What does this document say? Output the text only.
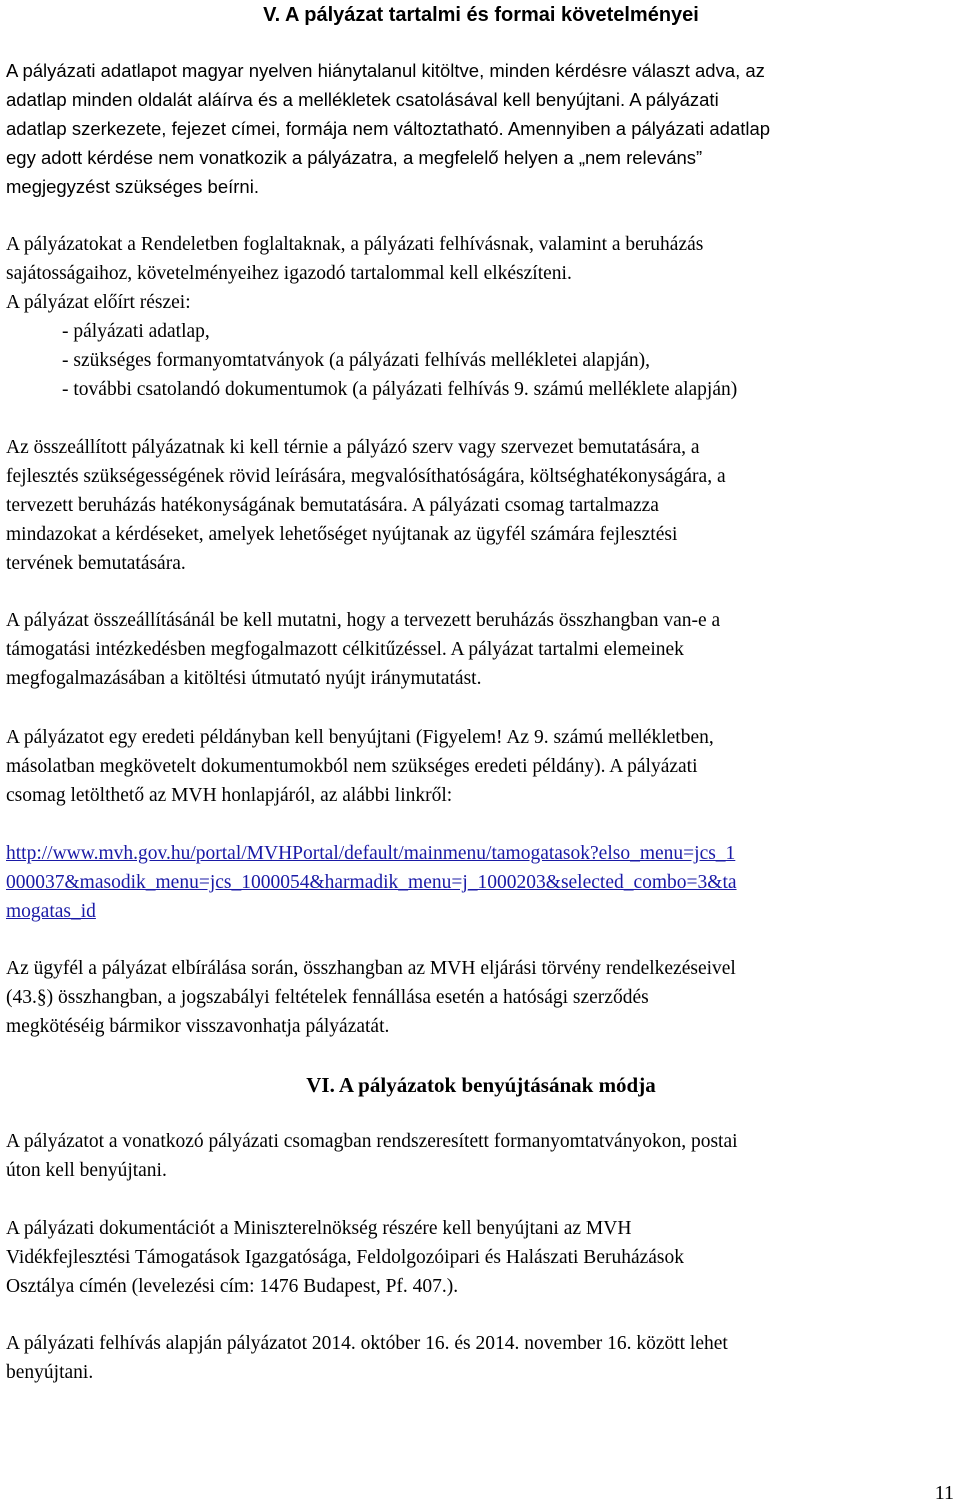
V. A pályázat tartalmi és formai követelményei
A pályázati adatlapot magyar nyelven hiánytalanul kitöltve, minden kérdésre választ adva, az
adatlap minden oldalát aláírva és a mellékletek csatolásával kell benyújtani. A pályázati
adatlap szerkezete, fejezet címei, formája nem változtatható. Amennyiben a pályázati adatlap
egy adott kérdése nem vonatkozik a pályázatra, a megfelelő helyen a „nem releváns”
megjegyzést szükséges beírni.
A pályázatokat a Rendeletben foglaltaknak, a pályázati felhívásnak, valamint a beruházás
sajátosságaihoz, követelményeihez igazodó tartalommal kell elkészíteni.
A pályázat előírt részei:
- pályázati adatlap,
- szükséges formanyomtatványok (a pályázati felhívás mellékletei alapján),
- további csatolandó dokumentumok (a pályázati felhívás 9. számú melléklete alapján)
Az összeállított pályázatnak ki kell térnie a pályázó szerv vagy szervezet bemutatására, a
fejlesztés szükségességének rövid leírására, megvalósíthatóságára, költséghatékonyságára, a
tervezett beruházás hatékonyságának bemutatására. A pályázati csomag tartalmazza
mindazokat a kérdéseket, amelyek lehetőséget nyújtanak az ügyfél számára fejlesztési
tervének bemutatására.
A pályázat összeállításánál be kell mutatni, hogy a tervezett beruházás összhangban van-e a
támogatási intézkedésben megfogalmazott célkitűzéssel. A pályázat tartalmi elemeinek
megfogalmazásában a kitöltési útmutató nyújt iránymutatást.
A pályázatot egy eredeti példányban kell benyújtani (Figyelem! Az 9. számú mellékletben,
másolatban megkövetelt dokumentumokból nem szükséges eredeti példány). A pályázati
csomag letölthető az MVH honlapjáról, az alábbi linkről:
http://www.mvh.gov.hu/portal/MVHPortal/default/mainmenu/tamogatasok?elso_menu=jcs_1
000037&masodik_menu=jcs_1000054&harmadik_menu=j_1000203&selected_combo=3&ta
mogatas_id
Az ügyfél a pályázat elbírálása során, összhangban az MVH eljárási törvény rendelkezéseivel
(43.§) összhangban, a jogszabályi feltételek fennállása esetén a hatósági szerződés
megkötéséig bármikor visszavonhatja pályázatát.
VI. A pályázatok benyújtásának módja
A pályázatot a vonatkozó pályázati csomagban rendszeresített formanyomtatványokon, postai
úton kell benyújtani.
A pályázati dokumentációt a Miniszterelnökség részére kell benyújtani az MVH
Vidékfejlesztési Támogatások Igazgatósága, Feldolgozóipari és Halászati Beruházások
Osztálya címén (levelezési cím: 1476 Budapest, Pf. 407.).
A pályázati felhívás alapján pályázatot 2014. október 16. és 2014. november 16. között lehet
benyújtani.
11
